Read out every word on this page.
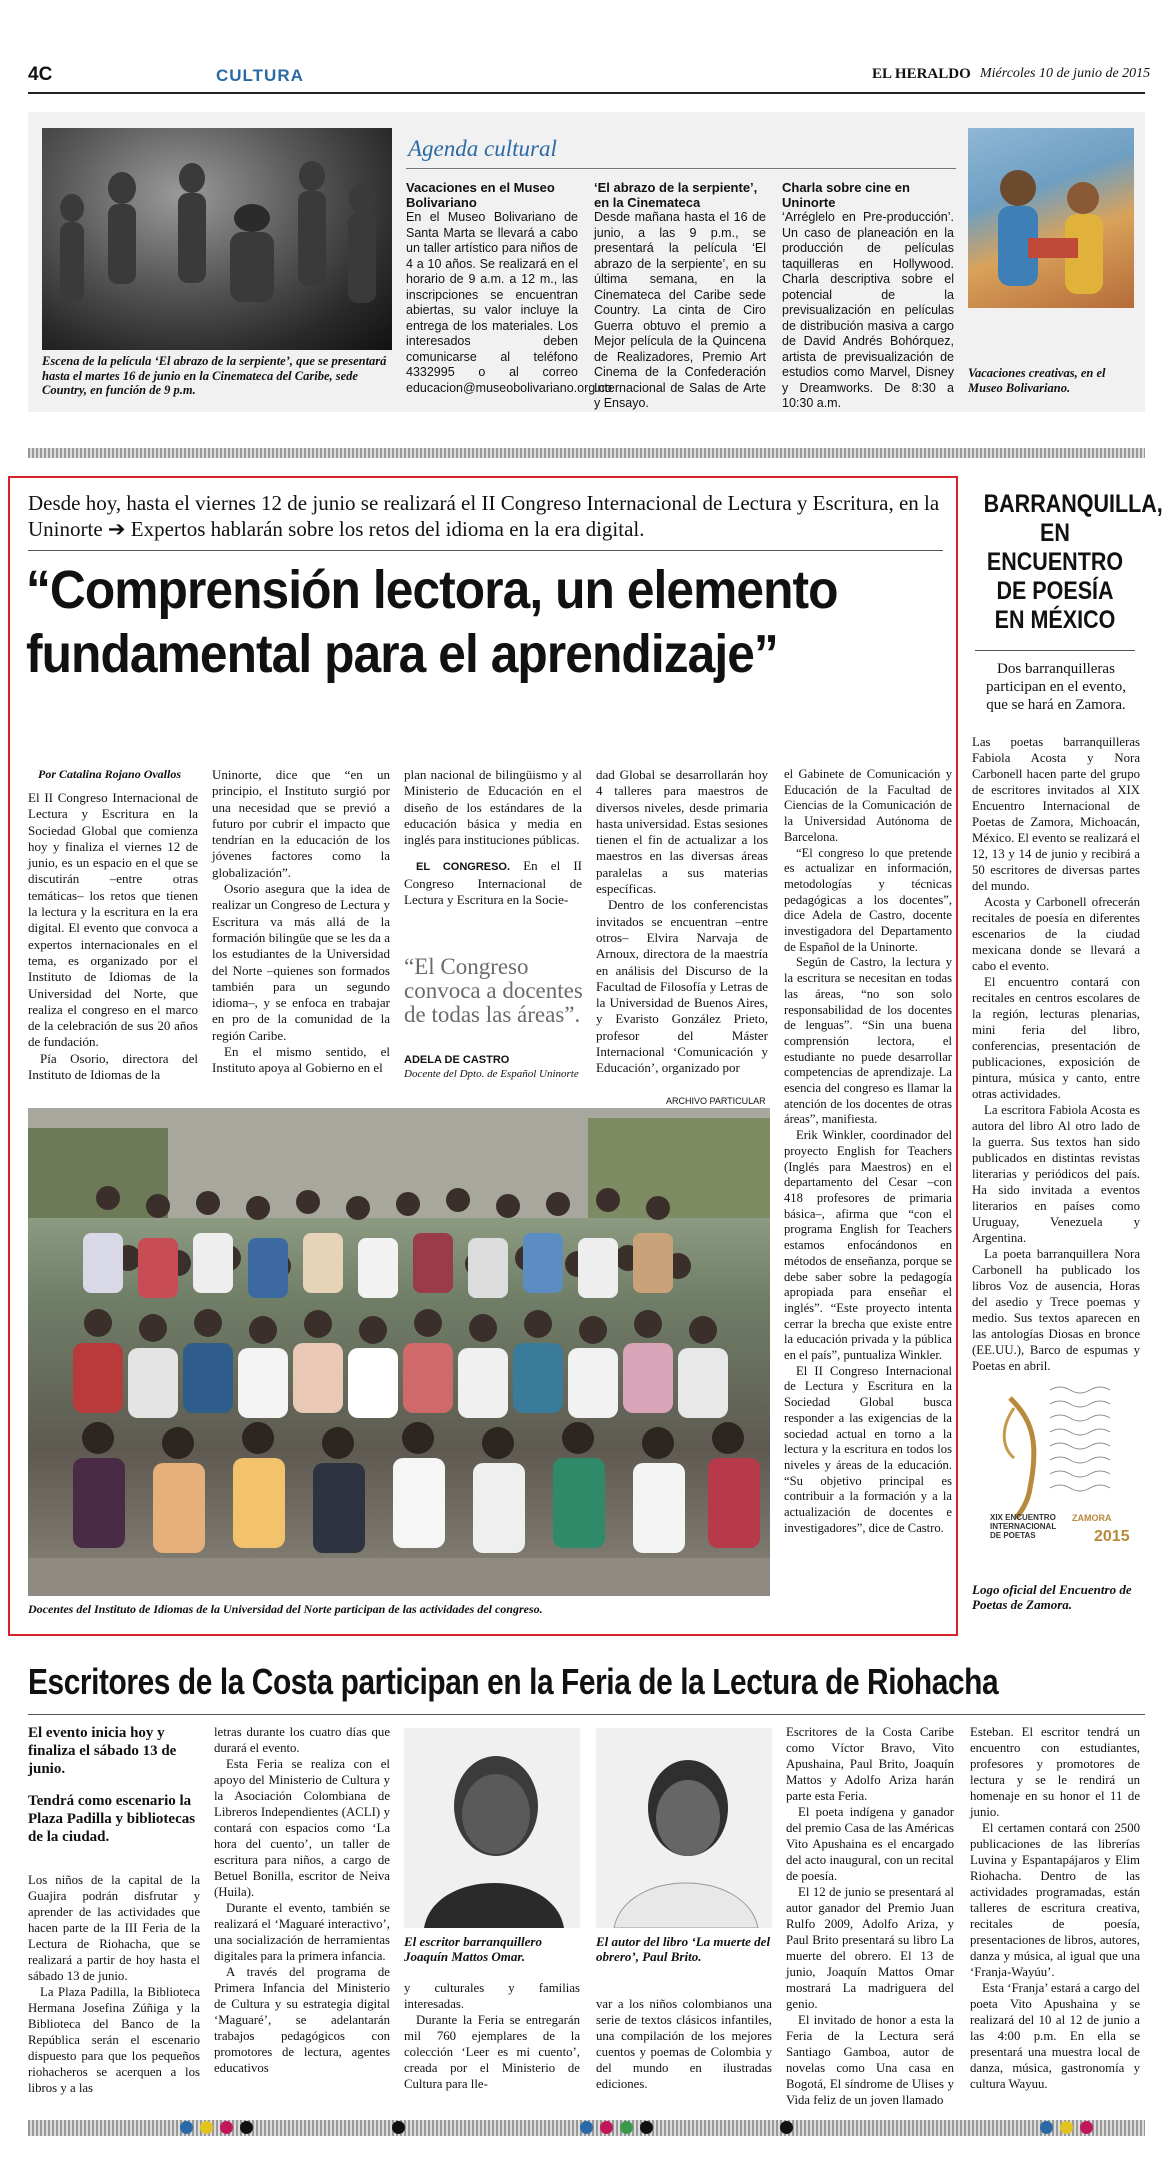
4C	CULTURA	EL HERALDO Miércoles 10 de junio de 2015
Escena de la película ‘El abrazo de la serpiente’, que se presentará hasta el martes 16 de junio en la Cinemateca del Caribe, sede Country, en función de 9 p.m.
Agenda cultural
Vacaciones en el Museo Bolivariano
En el Museo Bolivariano de Santa Marta se llevará a cabo un taller artístico para niños de 4 a 10 años. Se realizará en el horario de 9 a.m. a 12 m., las inscripciones se encuentran abiertas, su valor incluye la entrega de los materiales. Los interesados deben comunicarse al teléfono 4332995 o al correo educacion@museobolivariano.org.co
‘El abrazo de la serpiente’, en la Cinemateca
Desde mañana hasta el 16 de junio, a las 9 p.m., se presentará la película ‘El abrazo de la serpiente’, en su última semana, en la Cinemateca del Caribe sede Country. La cinta de Ciro Guerra obtuvo el premio a Mejor película de la Quincena de Realizadores, Premio Art Cinema de la Confederación Internacional de Salas de Arte y Ensayo.
Charla sobre cine en Uninorte
‘Arréglelo en Pre-producción’. Un caso de planeación en la producción de películas taquilleras en Hollywood. Charla descriptiva sobre el potencial de la previsualización en películas de distribución masiva a cargo de David Andrés Bohórquez, artista de previsualización de estudios como Marvel, Disney y Dreamworks. De 8:30 a 10:30 a.m.
Vacaciones creativas, en el Museo Bolivariano.
Desde hoy, hasta el viernes 12 de junio se realizará el II Congreso Internacional de Lectura y Escritura, en la Uninorte ➔ Expertos hablarán sobre los retos del idioma en la era digital.
“Comprensión lectora, un elemento fundamental para el aprendizaje”
Por Catalina Rojano Ovallos

El II Congreso Internacional de Lectura y Escritura en la Sociedad Global que comienza hoy y finaliza el viernes 12 de junio, es un espacio en el que se discutirán –entre otras temáticas– los retos que tienen la lectura y la escritura en la era digital. El evento que convoca a expertos internacionales en el tema, es organizado por el Instituto de Idiomas de la Universidad del Norte, que realiza el congreso en el marco de la celebración de sus 20 años de fundación.

Pía Osorio, directora del Instituto de Idiomas de la

Uninorte, dice que “en un principio, el Instituto surgió por una necesidad que se previó a futuro por cubrir el impacto que tendrían en la educación de los jóvenes factores como la globalización”.

Osorio asegura que la idea de realizar un Congreso de Lectura y Escritura va más allá de la formación bilingüe que se les da a los estudiantes de la Universidad del Norte –quienes son formados también para un segundo idioma–, y se enfoca en trabajar en pro de la comunidad de la región Caribe.

En el mismo sentido, el Instituto apoya al Gobierno en el

plan nacional de bilingüismo y al Ministerio de Educación en el diseño de los estándares de la educación básica y media en inglés para instituciones públicas.

EL CONGRESO. En el II Congreso Internacional de Lectura y Escritura en la Socie-

“El Congreso convoca a docentes de todas las áreas”.
ADELA DE CASTRO
Docente del Dpto. de Español Uninorte

dad Global se desarrollarán hoy 4 talleres para maestros de diversos niveles, desde primaria hasta universidad. Estas sesiones tienen el fin de actualizar a los maestros en las diversas áreas paralelas a sus materias específicas.

Dentro de los conferencistas invitados se encuentran –entre otros– Elvira Narvaja de Arnoux, directora de la maestría en análisis del Discurso de la Facultad de Filosofía y Letras de la Universidad de Buenos Aires, y Evaristo González Prieto, profesor del Máster Internacional ‘Comunicación y Educación’, organizado por

el Gabinete de Comunicación y Educación de la Facultad de Ciencias de la Comunicación de la Universidad Autónoma de Barcelona.

“El congreso lo que pretende es actualizar en información, metodologías y técnicas pedagógicas a los docentes”, dice Adela de Castro, docente investigadora del Departamento de Español de la Uninorte.

Según de Castro, la lectura y la escritura se necesitan en todas las áreas, “no son solo responsabilidad de los docentes de lenguas”. “Sin una buena comprensión lectora, el estudiante no puede desarrollar competencias de aprendizaje. La esencia del congreso es llamar la atención de los docentes de otras áreas”, manifiesta.

Erik Winkler, coordinador del proyecto English for Teachers (Inglés para Maestros) en el departamento del Cesar –con 418 profesores de primaria básica–, afirma que “con el programa English for Teachers estamos enfocándonos en métodos de enseñanza, porque se debe saber sobre la pedagogía apropiada para enseñar el inglés”. “Este proyecto intenta cerrar la brecha que existe entre la educación privada y la pública en el país”, puntualiza Winkler.

El II Congreso Internacional de Lectura y Escritura en la Sociedad Global busca responder a las exigencias de la sociedad actual en torno a la lectura y la escritura en todos los niveles y áreas de la educación. “Su objetivo principal es contribuir a la formación y a la actualización de docentes e investigadores”, dice de Castro.

ARCHIVO PARTICULAR
Docentes del Instituto de Idiomas de la Universidad del Norte participan de las actividades del congreso.
BARRANQUILLA, EN ENCUENTRO DE POESÍA EN MÉXICO
Dos barranquilleras participan en el evento, que se hará en Zamora.

Las poetas barranquilleras Fabiola Acosta y Nora Carbonell hacen parte del grupo de escritores invitados al XIX Encuentro Internacional de Poetas de Zamora, Michoacán, México. El evento se realizará el 12, 13 y 14 de junio y recibirá a 50 escritores de diversas partes del mundo.

Acosta y Carbonell ofrecerán recitales de poesía en diferentes escenarios de la ciudad mexicana donde se llevará a cabo el evento.

El encuentro contará con recitales en centros escolares de la región, lecturas plenarias, mini feria del libro, conferencias, presentación de publicaciones, exposición de pintura, música y canto, entre otras actividades.

La escritora Fabiola Acosta es autora del libro Al otro lado de la guerra. Sus textos han sido publicados en distintas revistas literarias y periódicos del país. Ha sido invitada a eventos literarios en países como Uruguay, Venezuela y Argentina.

La poeta barranquillera Nora Carbonell ha publicado los libros Voz de ausencia, Horas del asedio y Trece poemas y medio. Sus textos aparecen en las antologías Diosas en bronce (EE.UU.), Barco de espumas y Poetas en abril.

XIX ENCUENTRO
INTERNACIONAL
DE POETAS
ZAMORA
2015
Logo oficial del Encuentro de Poetas de Zamora.
Escritores de la Costa participan en la Feria de la Lectura de Riohacha
El evento inicia hoy y finaliza el sábado 13 de junio.
Tendrá como escenario la Plaza Padilla y bibliotecas de la ciudad.

Los niños de la capital de la Guajira podrán disfrutar y aprender de las actividades que hacen parte de la III Feria de la Lectura de Riohacha, que se realizará a partir de hoy hasta el sábado 13 de junio.

La Plaza Padilla, la Biblioteca Hermana Josefina Zúñiga y la Biblioteca del Banco de la República serán el escenario dispuesto para que los pequeños riohacheros se acerquen a los libros y a las

letras durante los cuatro días que durará el evento.

Esta Feria se realiza con el apoyo del Ministerio de Cultura y la Asociación Colombiana de Libreros Independientes (ACLI) y contará con espacios como ‘La hora del cuento’, un taller de escritura para niños, a cargo de Betuel Bonilla, escritor de Neiva (Huila).

Durante el evento, también se realizará el ‘Maguaré interactivo’, una socialización de herramientas digitales para la primera infancia.

A través del programa de Primera Infancia del Ministerio de Cultura y su estrategia digital ‘Maguaré’, se adelantarán trabajos pedagógicos con promotores de lectura, agentes educativos

El escritor barranquillero Joaquín Mattos Omar.
El autor del libro ‘La muerte del obrero’, Paul Brito.

y culturales y familias interesadas.

Durante la Feria se entregarán mil 760 ejemplares de la colección ‘Leer es mi cuento’, creada por el Ministerio de Cultura para lle-

var a los niños colombianos una serie de textos clásicos infantiles, una compilación de los mejores cuentos y poemas de Colombia y del mundo en ilustradas ediciones.

Escritores de la Costa Caribe como Víctor Bravo, Vito Apushaina, Paul Brito, Joaquín Mattos y Adolfo Ariza harán parte esta Feria.

El poeta indígena y ganador del premio Casa de las Américas Vito Apushaina es el encargado del acto inaugural, con un recital de poesía.

El 12 de junio se presentará al autor ganador del Premio Juan Rulfo 2009, Adolfo Ariza, y Paul Brito presentará su libro La muerte del obrero. El 13 de junio, Joaquín Mattos Omar mostrará La madriguera del genio.

El invitado de honor a esta la Feria de la Lectura será Santiago Gamboa, autor de novelas como Una casa en Bogotá, El síndrome de Ulises y Vida feliz de un joven llamado

Esteban. El escritor tendrá un encuentro con estudiantes, profesores y promotores de lectura y se le rendirá un homenaje en su honor el 11 de junio.

El certamen contará con 2500 publicaciones de las librerías Luvina y Espantapájaros y Elim Riohacha. Dentro de las actividades programadas, están talleres de escritura creativa, recitales de poesía, presentaciones de libros, autores, danza y música, al igual que una ‘Franja-Wayúu’.

Esta ‘Franja’ estará a cargo del poeta Vito Apushaina y se realizará del 10 al 12 de junio a las 4:00 p.m. En ella se presentará una muestra local de danza, música, gastronomía y cultura Wayuu.
